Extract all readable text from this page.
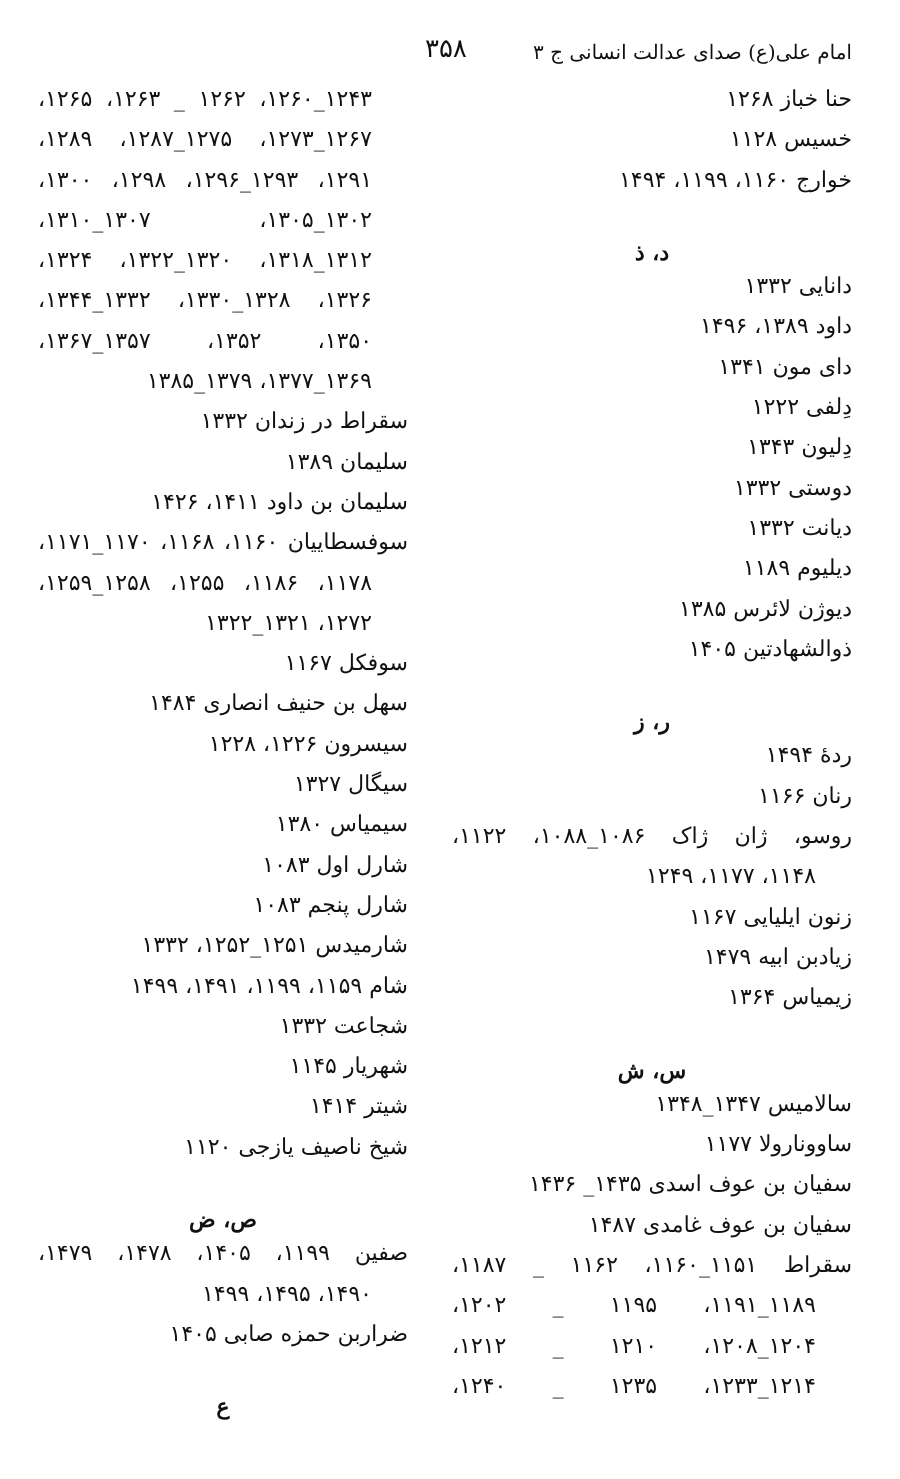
امام علی(ع) صدای عدالت انسانی ج ۳
۳۵۸
حنا خباز ۱۲۶۸
خسیس ۱۱۲۸
خوارج ۱۱۶۰، ۱۱۹۹، ۱۴۹۴
د، ذ
دانایی ۱۳۳۲
داود ۱۳۸۹، ۱۴۹۶
دای مون ۱۳۴۱
دِلفی ۱۲۲۲
دِلیون ۱۳۴۳
دوستی ۱۳۳۲
دیانت ۱۳۳۲
دیلیوم ۱۱۸۹
دیوژن لائرس ۱۳۸۵
ذوالشهادتین ۱۴۰۵
ر، ز
ردهٔ ۱۴۹۴
رنان ۱۱۶۶
روسو، ژان ژاک ۱۰۸۶_۱۰۸۸، ۱۱۲۲،
۱۱۴۸، ۱۱۷۷، ۱۲۴۹
زنون ایلیایی ۱۱۶۷
زیادبن ابیه ۱۴۷۹
زیمیاس ۱۳۶۴
س، ش
سالامیس ۱۳۴۷_۱۳۴۸
ساوونارولا ۱۱۷۷
سفیان بن عوف اسدی ۱۴۳۵_ ۱۴۳۶
سفیان بن عوف غامدی ۱۴۸۷
سقراط ۱۱۵۱_۱۱۶۰، ۱۱۶۲ _ ۱۱۸۷،
۱۱۸۹_۱۱۹۱، ۱۱۹۵ _ ۱۲۰۲،
۱۲۰۴_۱۲۰۸، ۱۲۱۰ _ ۱۲۱۲،
۱۲۱۴_۱۲۳۳، ۱۲۳۵ _ ۱۲۴۰،
۱۲۴۳_۱۲۶۰، ۱۲۶۲ _ ۱۲۶۳، ۱۲۶۵،
۱۲۶۷_۱۲۷۳، ۱۲۷۵_۱۲۸۷، ۱۲۸۹،
۱۲۹۱، ۱۲۹۳_۱۲۹۶، ۱۲۹۸، ۱۳۰۰،
۱۳۰۲_۱۳۰۵، ۱۳۰۷_۱۳۱۰،
۱۳۱۲_۱۳۱۸، ۱۳۲۰_۱۳۲۲، ۱۳۲۴،
۱۳۲۶، ۱۳۲۸_۱۳۳۰، ۱۳۳۲_۱۳۴۴،
۱۳۵۰، ۱۳۵۲، ۱۳۵۷_۱۳۶۷،
۱۳۶۹_۱۳۷۷، ۱۳۷۹_۱۳۸۵
سقراط در زندان ۱۳۳۲
سلیمان ۱۳۸۹
سلیمان بن داود ۱۴۱۱، ۱۴۲۶
سوفسطاییان ۱۱۶۰، ۱۱۶۸، ۱۱۷۰_۱۱۷۱،
۱۱۷۸، ۱۱۸۶، ۱۲۵۵، ۱۲۵۸_۱۲۵۹،
۱۲۷۲، ۱۳۲۱_۱۳۲۲
سوفکل ۱۱۶۷
سهل بن حنیف انصاری ۱۴۸۴
سیسرون ۱۲۲۶، ۱۲۲۸
سیگال ۱۳۲۷
سیمیاس ۱۳۸۰
شارل اول ۱۰۸۳
شارل پنجم ۱۰۸۳
شارمیدس ۱۲۵۱_۱۲۵۲، ۱۳۳۲
شام ۱۱۵۹، ۱۱۹۹، ۱۴۹۱، ۱۴۹۹
شجاعت ۱۳۳۲
شهریار ۱۱۴۵
شیتر ۱۴۱۴
شیخ ناصیف یازجی ۱۱۲۰
ص، ض
صفین ۱۱۹۹، ۱۴۰۵، ۱۴۷۸، ۱۴۷۹،
۱۴۹۰، ۱۴۹۵، ۱۴۹۹
ضراربن حمزه صابی ۱۴۰۵
ع
